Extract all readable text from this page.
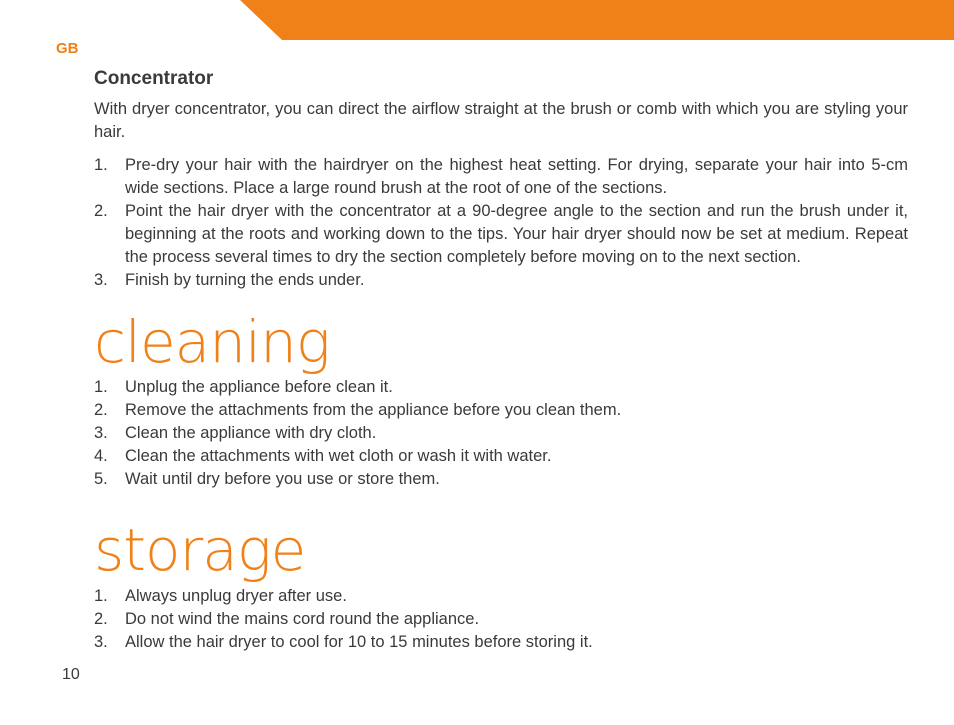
GB
Concentrator

With dryer concentrator, you can direct the airflow straight at the brush or comb with which you are styling your hair.

1. Pre-dry your hair with the hairdryer on the highest heat setting. For drying, separate your hair into 5-cm wide sections. Place a large round brush at the root of one of the sections.
2. Point the hair dryer with the concentrator at a 90-degree angle to the section and run the brush under it, beginning at the roots and working down to the tips. Your hair dryer should now be set at medium. Repeat the process several times to dry the section completely before moving on to the next section.
3. Finish by turning the ends under.
cleaning
1. Unplug the appliance before clean it.
2. Remove the attachments from the appliance before you clean them.
3. Clean the appliance with dry cloth.
4. Clean the attachments with wet cloth or wash it with water.
5. Wait until dry before you use or store them.
storage
1. Always unplug dryer after use.
2. Do not wind the mains cord round the appliance.
3. Allow the hair dryer to cool for 10 to 15 minutes before storing it.
10
